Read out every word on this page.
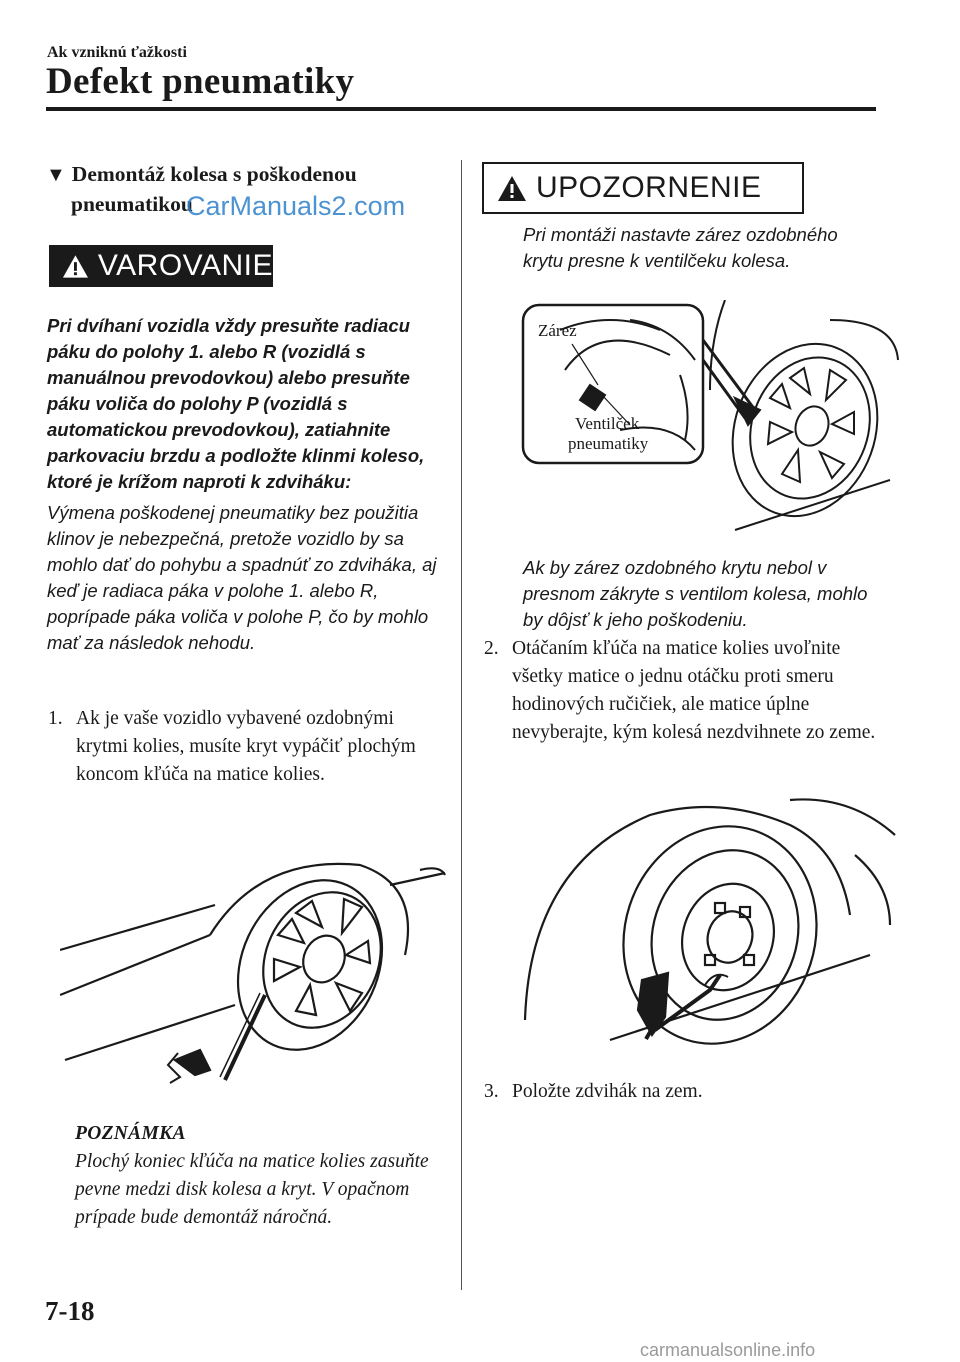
Ak vzniknú ťažkosti
Defekt pneumatiky
▼ Demontáž kolesa s poškodenou
pneumatikou
CarManuals2.com
VAROVANIE
Pri dvíhaní vozidla vždy presuňte radiacu páku do polohy 1. alebo R (vozidlá s manuálnou prevodovkou) alebo presuňte páku voliča do polohy P (vozidlá s automatickou prevodovkou), zatiahnite parkovaciu brzdu a podložte klinmi koleso, ktoré je krížom naproti k zdviháku:
Výmena poškodenej pneumatiky bez použitia klinov je nebezpečná, pretože vozidlo by sa mohlo dať do pohybu a spadnúť zo zdviháka, aj keď je radiaca páka v polohe 1. alebo R, poprípade páka voliča v polohe P, čo by mohlo mať za následok nehodu.
1. Ak je vaše vozidlo vybavené ozdobnými krytmi kolies, musíte kryt vypáčiť plochým koncom kľúča na matice kolies.
POZNÁMKA
Plochý koniec kľúča na matice kolies zasuňte pevne medzi disk kolesa a kryt. V opačnom prípade bude demontáž náročná.
UPOZORNENIE
Pri montáži nastavte zárez ozdobného krytu presne k ventilčeku kolesa.
Zárez
Ventilček
pneumatiky
Ak by zárez ozdobného krytu nebol v presnom zákryte s ventilom kolesa, mohlo by dôjsť k jeho poškodeniu.
2. Otáčaním kľúča na matice kolies uvoľnite všetky matice o jednu otáčku proti smeru hodinových ručičiek, ale matice úplne nevyberajte, kým kolesá nezdvihnete zo zeme.
3. Položte zdvihák na zem.
7-18
carmanualsonline.info
